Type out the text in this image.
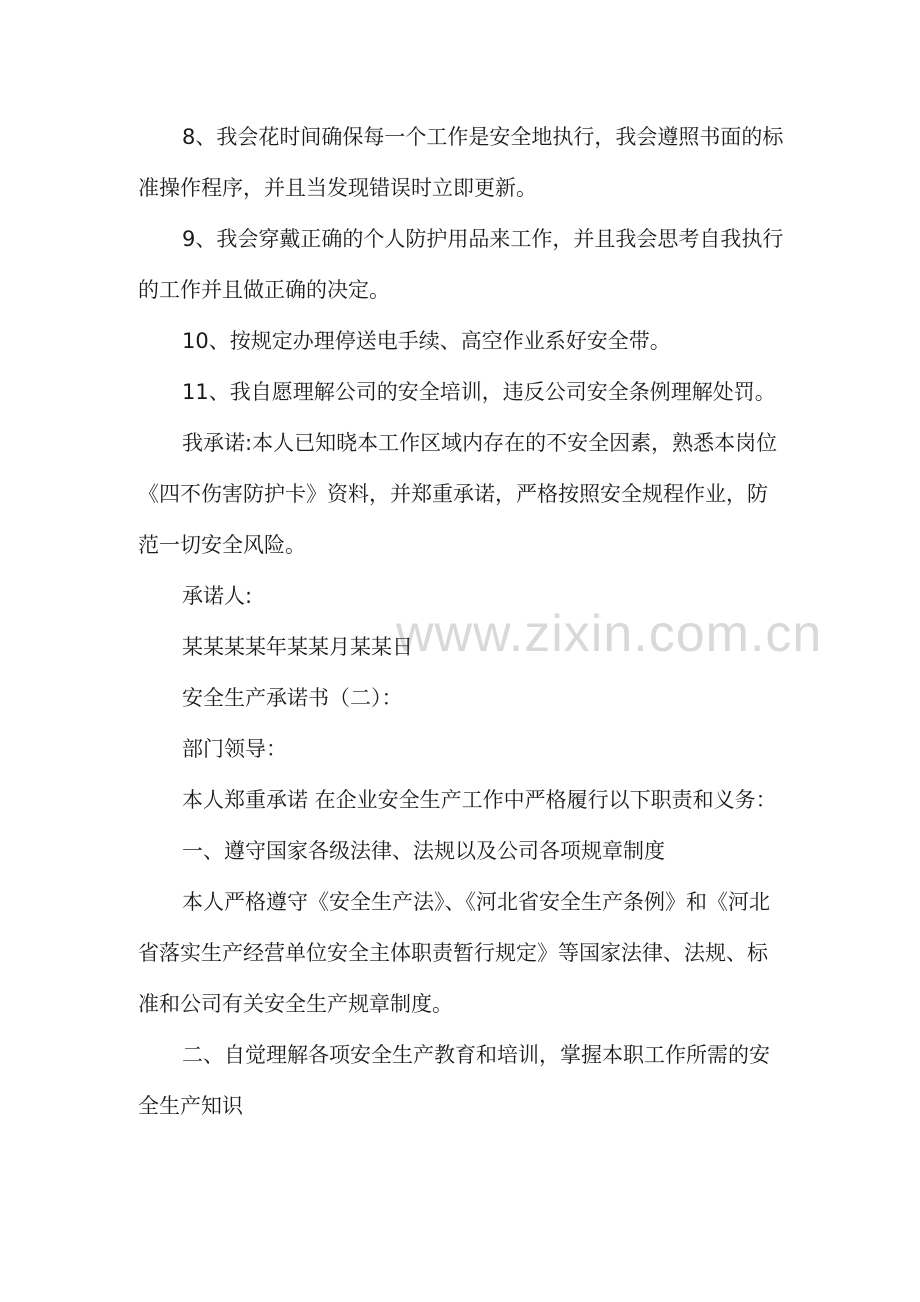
www.zixin.com.cn

8、我会花时间确保每一个工作是安全地执行，我会遵照书面的标准操作程序，并且当发现错误时立即更新。

9、我会穿戴正确的个人防护用品来工作，并且我会思考自我执行的工作并且做正确的决定。

10、按规定办理停送电手续、高空作业系好安全带。

11、我自愿理解公司的安全培训，违反公司安全条例理解处罚。

我承诺:本人已知晓本工作区域内存在的不安全因素，熟悉本岗位《四不伤害防护卡》资料，并郑重承诺，严格按照安全规程作业，防范一切安全风险。

承诺人:

某某某某年某某月某某日

安全生产承诺书（二）：

部门领导：

本人郑重承诺 在企业安全生产工作中严格履行以下职责和义务：

一、遵守国家各级法律、法规以及公司各项规章制度

本人严格遵守《安全生产法》、《河北省安全生产条例》和《河北省落实生产经营单位安全主体职责暂行规定》等国家法律、法规、标准和公司有关安全生产规章制度。

二、自觉理解各项安全生产教育和培训，掌握本职工作所需的安全生产知识
